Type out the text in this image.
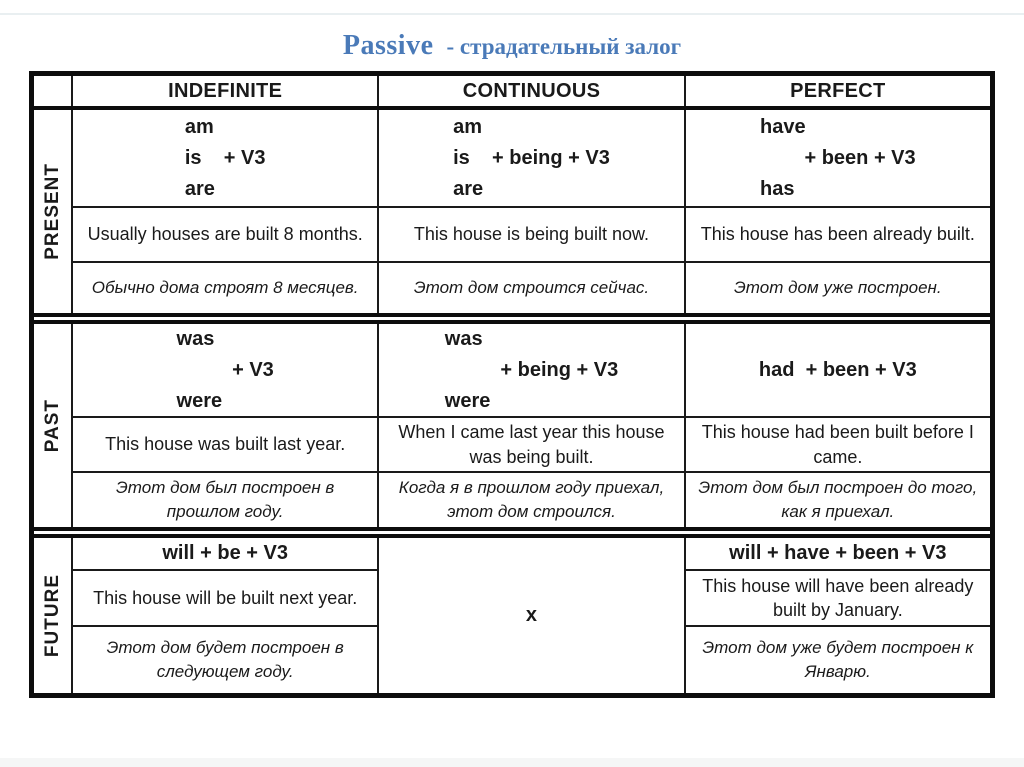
Passive - страдательный залог
INDEFINITE	CONTINUOUS	PERFECT
PRESENT
am
is    + V3
are
Usually houses are built 8 months.
Обычно дома строят 8 месяцев.
am
is    + being + V3
are
This house is being built now.
Этот дом строится сейчас.
have
+ been + V3
has
This house has been already built.
Этот дом уже построен.
PAST
was
+ V3
were
This house was built last year.
Этот дом был построен в прошлом году.
was
+ being + V3
were
When I came last year this house was being built.
Когда я в прошлом году приехал, этот дом строился.
had  + been + V3
This house had been built before I came.
Этот дом был построен до того, как я приехал.
FUTURE
will + be + V3
This house will be built next year.
Этот дом будет построен в следующем году.
x
will + have + been + V3
This house will have been already built by January.
Этот дом уже будет построен к Январю.
